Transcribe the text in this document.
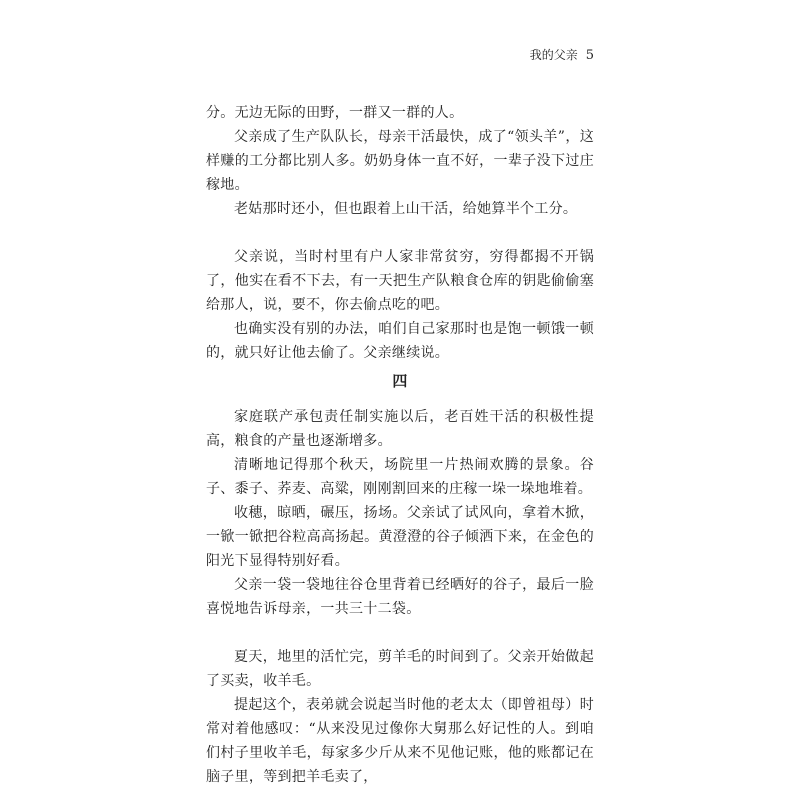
我的父亲 5

分。无边无际的田野，一群又一群的人。

父亲成了生产队队长，母亲干活最快，成了“领头羊”，这样赚的工分都比别人多。奶奶身体一直不好，一辈子没下过庄稼地。

老姑那时还小，但也跟着上山干活，给她算半个工分。

父亲说，当时村里有户人家非常贫穷，穷得都揭不开锅了，他实在看不下去，有一天把生产队粮食仓库的钥匙偷偷塞给那人，说，要不，你去偷点吃的吧。

也确实没有别的办法，咱们自己家那时也是饱一顿饿一顿的，就只好让他去偷了。父亲继续说。

四

家庭联产承包责任制实施以后，老百姓干活的积极性提高，粮食的产量也逐渐增多。

清晰地记得那个秋天，场院里一片热闹欢腾的景象。谷子、黍子、荞麦、高粱，刚刚割回来的庄稼一垛一垛地堆着。

收穗，晾晒，碾压，扬场。父亲试了试风向，拿着木掀，一锨一锨把谷粒高高扬起。黄澄澄的谷子倾洒下来，在金色的阳光下显得特别好看。

父亲一袋一袋地往谷仓里背着已经晒好的谷子，最后一脸喜悦地告诉母亲，一共三十二袋。

夏天，地里的活忙完，剪羊毛的时间到了。父亲开始做起了买卖，收羊毛。

提起这个，表弟就会说起当时他的老太太（即曾祖母）时常对着他感叹：“从来没见过像你大舅那么好记性的人。到咱们村子里收羊毛，每家多少斤从来不见他记账，他的账都记在脑子里，等到把羊毛卖了，
